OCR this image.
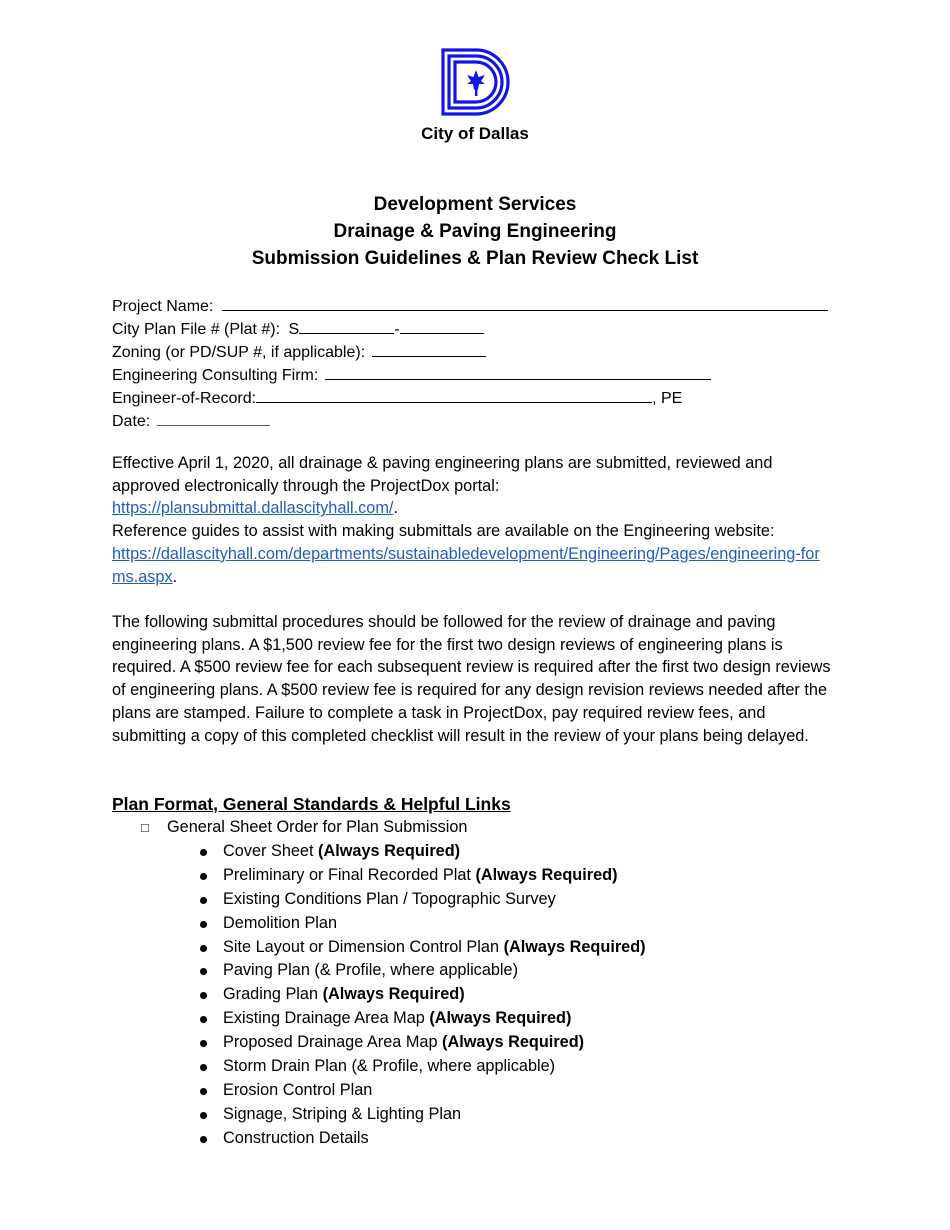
City of Dallas
Development Services
Drainage & Paving Engineering
Submission Guidelines & Plan Review Check List
Project Name:
City Plan File # (Plat #): S	-
Zoning (or PD/SUP #, if applicable):
Engineering Consulting Firm:
Engineer-of-Record:	, PE
Date:
Effective April 1, 2020, all drainage & paving engineering plans are submitted, reviewed and approved electronically through the ProjectDox portal:
https://plansubmittal.dallascityhall.com/.
Reference guides to assist with making submittals are available on the Engineering website:
https://dallascityhall.com/departments/sustainabledevelopment/Engineering/Pages/engineering-forms.aspx.
The following submittal procedures should be followed for the review of drainage and paving engineering plans. A $1,500 review fee for the first two design reviews of engineering plans is required. A $500 review fee for each subsequent review is required after the first two design reviews of engineering plans. A $500 review fee is required for any design revision reviews needed after the plans are stamped. Failure to complete a task in ProjectDox, pay required review fees, and submitting a copy of this completed checklist will result in the review of your plans being delayed.
Plan Format, General Standards & Helpful Links
□ General Sheet Order for Plan Submission
Cover Sheet (Always Required)
Preliminary or Final Recorded Plat (Always Required)
Existing Conditions Plan / Topographic Survey
Demolition Plan
Site Layout or Dimension Control Plan (Always Required)
Paving Plan (& Profile, where applicable)
Grading Plan (Always Required)
Existing Drainage Area Map (Always Required)
Proposed Drainage Area Map (Always Required)
Storm Drain Plan (& Profile, where applicable)
Erosion Control Plan
Signage, Striping & Lighting Plan
Construction Details
